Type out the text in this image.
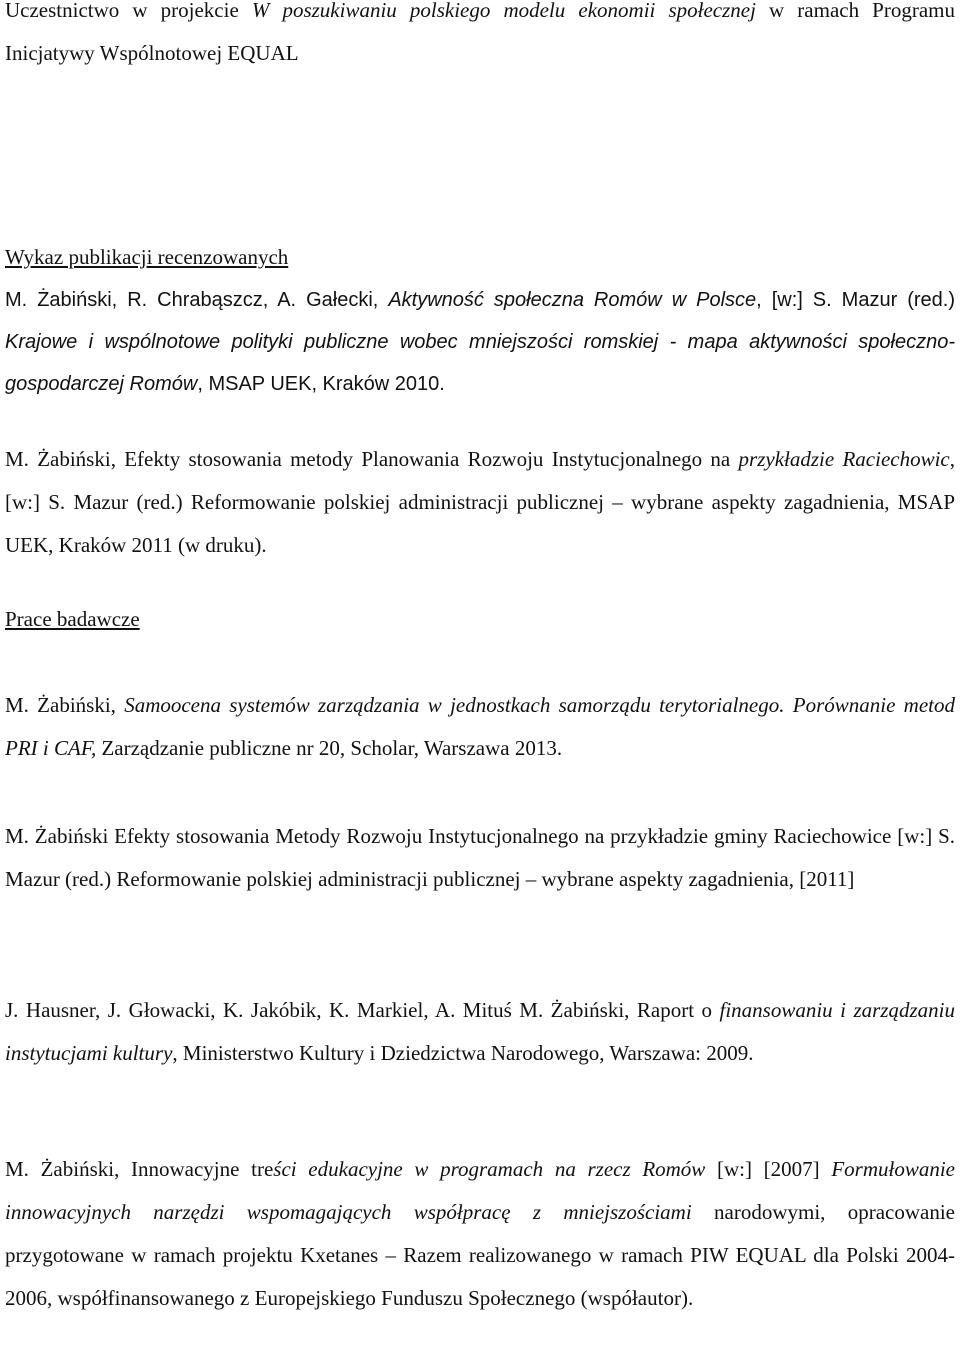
Uczestnictwo w projekcie W poszukiwaniu polskiego modelu ekonomii społecznej w ramach Programu Inicjatywy Wspólnotowej EQUAL
Wykaz publikacji recenzowanych
M. Żabiński, R. Chrabąszcz, A. Gałecki, Aktywność społeczna Romów w Polsce, [w:] S. Mazur (red.) Krajowe i wspólnotowe polityki publiczne wobec mniejszości romskiej - mapa aktywności społeczno-gospodarczej Romów, MSAP UEK, Kraków 2010.
M. Żabiński, Efekty stosowania metody Planowania Rozwoju Instytucjonalnego na przykładzie Raciechowic, [w:] S. Mazur (red.) Reformowanie polskiej administracji publicznej – wybrane aspekty zagadnienia, MSAP UEK, Kraków 2011 (w druku).
Prace badawcze
M. Żabiński, Samoocena systemów zarządzania w jednostkach samorządu terytorialnego. Porównanie metod PRI i CAF, Zarządzanie publiczne nr 20, Scholar, Warszawa 2013.
M. Żabiński Efekty stosowania Metody Rozwoju Instytucjonalnego na przykładzie gminy Raciechowice [w:] S. Mazur (red.) Reformowanie polskiej administracji publicznej – wybrane aspekty zagadnienia, [2011]
J. Hausner, J. Głowacki, K. Jakóbik, K. Markiel, A. Mituś M. Żabiński, Raport o finansowaniu i zarządzaniu instytucjami kultury, Ministerstwo Kultury i Dziedzictwa Narodowego, Warszawa: 2009.
M. Żabiński, Innowacyjne treści edukacyjne w programach na rzecz Romów [w:] [2007] Formułowanie innowacyjnych narzędzi wspomagających współpracę z mniejszościami narodowymi, opracowanie przygotowane w ramach projektu Kxetanes – Razem realizowanego w ramach PIW EQUAL dla Polski 2004-2006, współfinansowanego z Europejskiego Funduszu Społecznego (współautor).
